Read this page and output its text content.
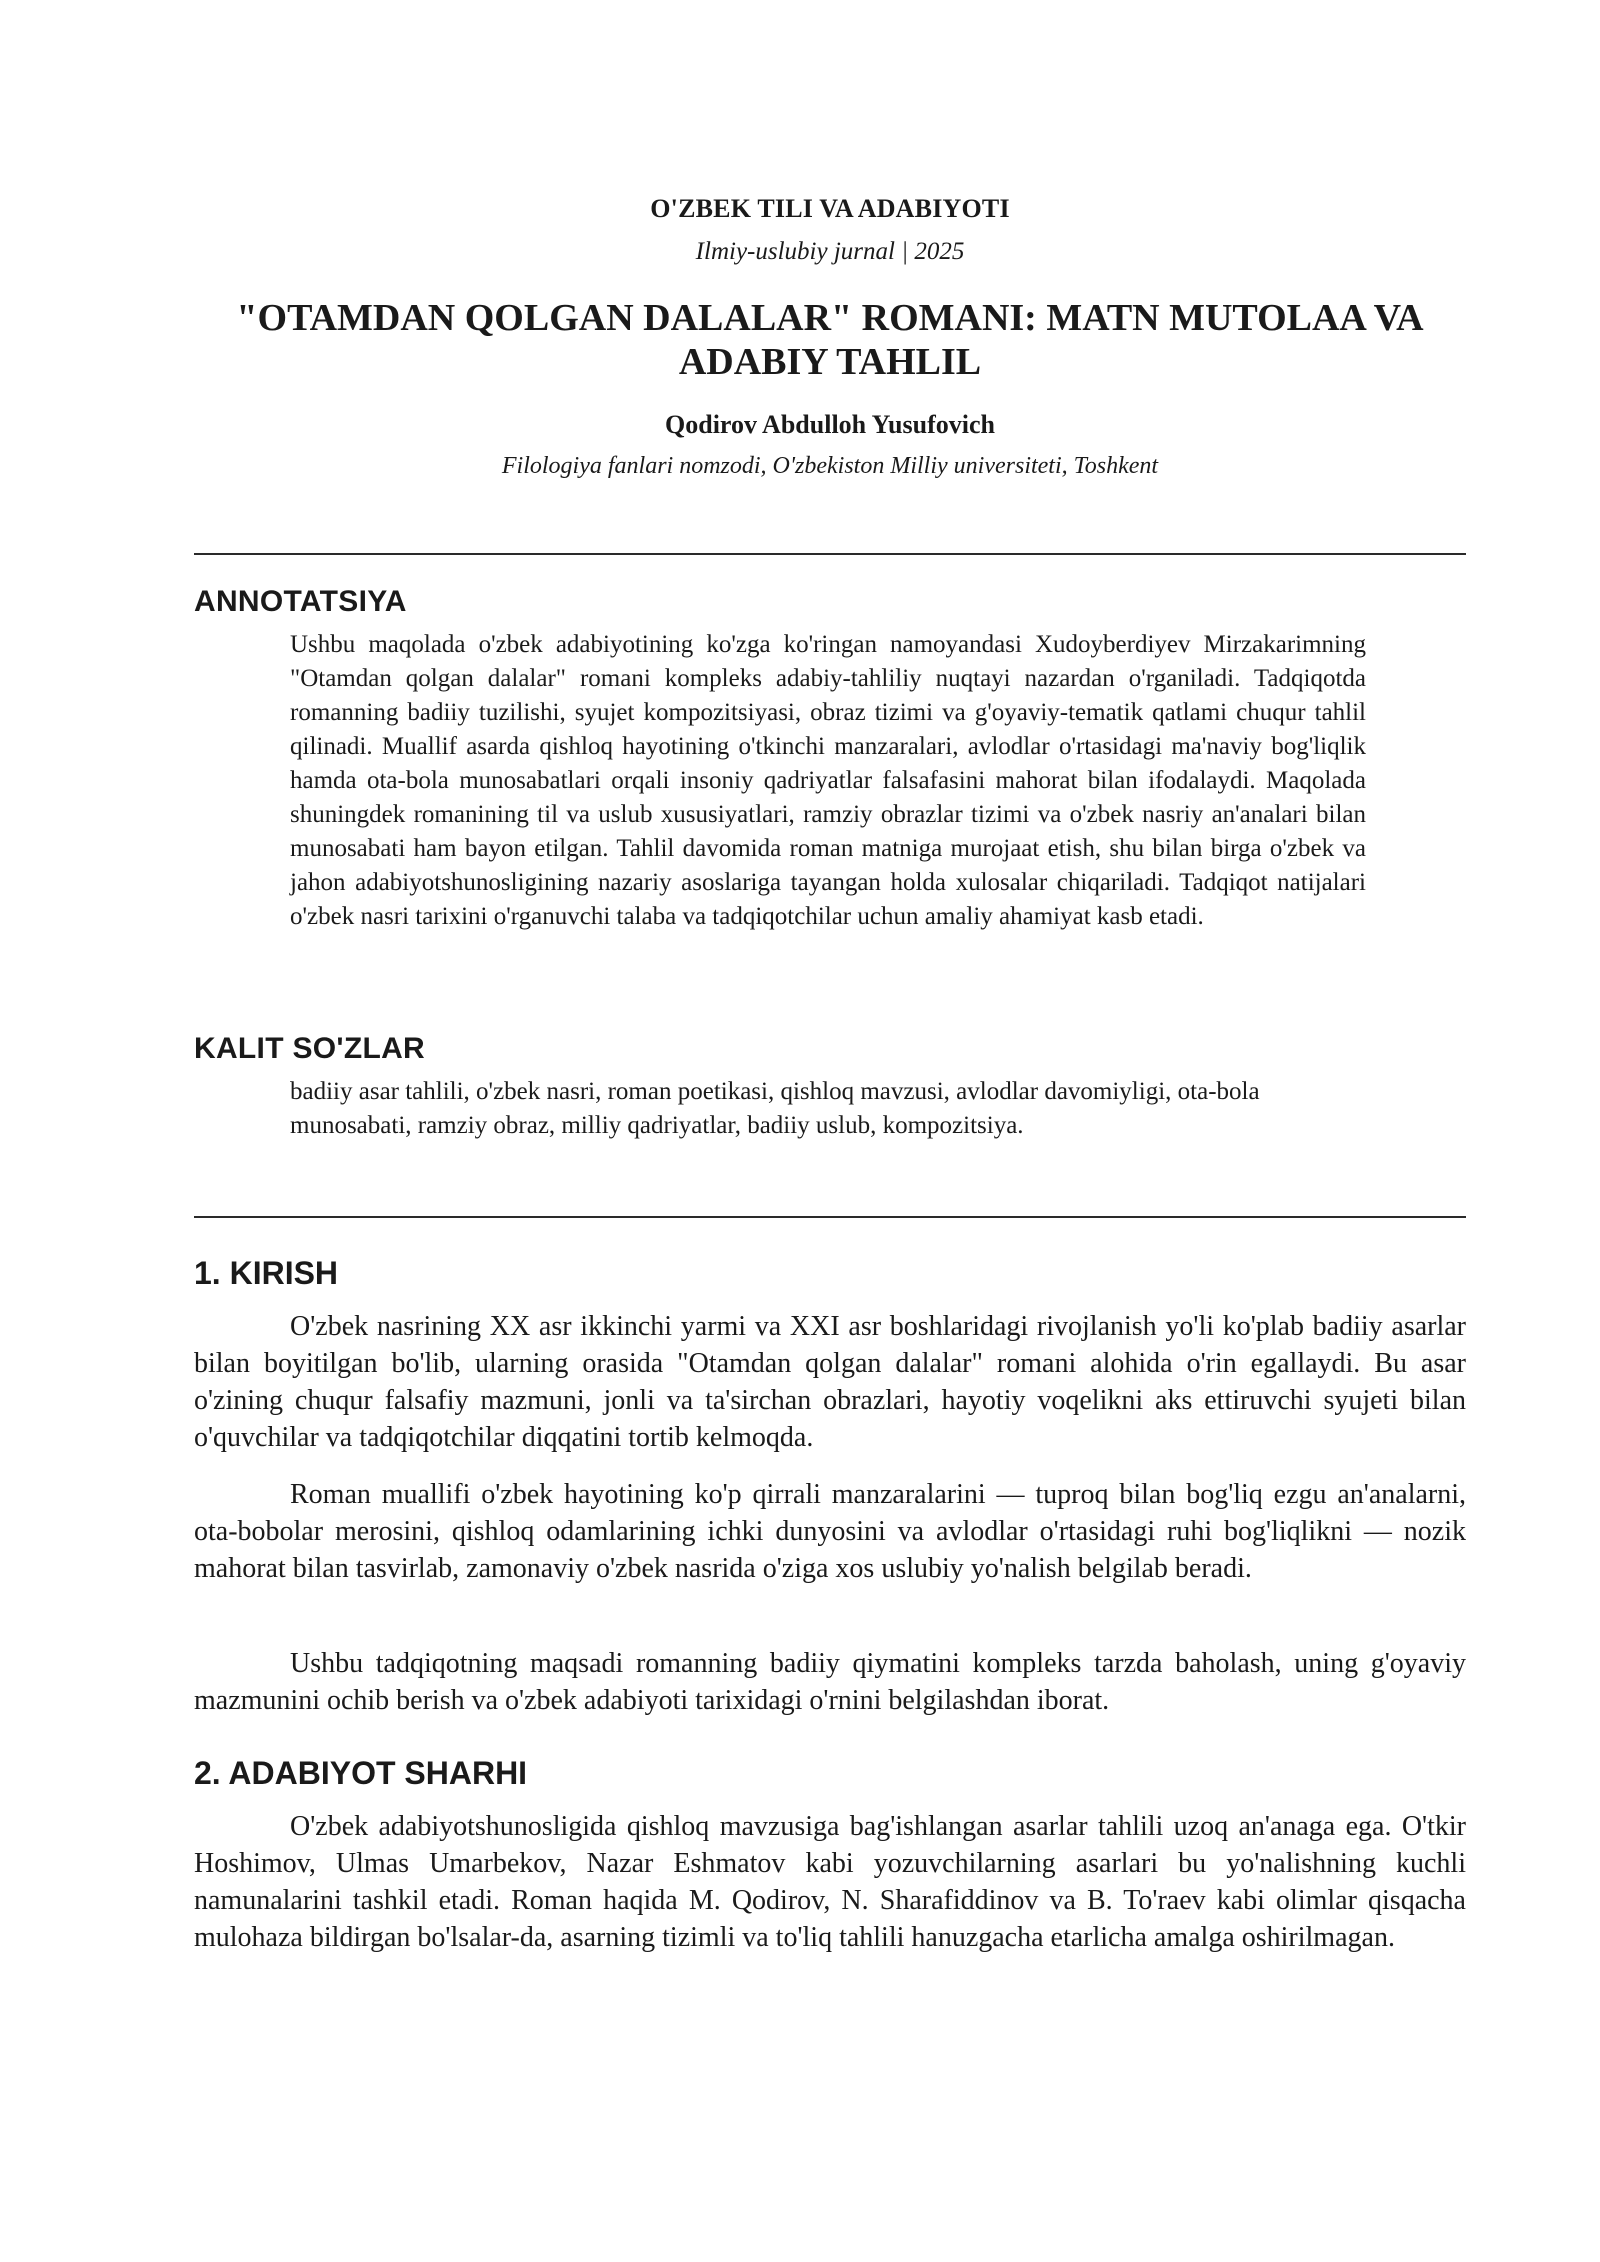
O'ZBEK TILI VA ADABIYOTI
Ilmiy-uslubiy jurnal | 2025
"OTAMDAN QOLGAN DALALAR" ROMANI: MATN MUTOLAA VA ADABIY TAHLIL
Qodirov Abdulloh Yusufovich
Filologiya fanlari nomzodi, O'zbekiston Milliy universiteti, Toshkent
ANNOTATSIYA

Ushbu maqolada o'zbek adabiyotining ko'zga ko'ringan namoyandasi Xudoyberdiyev Mirzakarimning "Otamdan qolgan dalalar" romani kompleks adabiy-tahliliy nuqtayi nazardan o'rganiladi. Tadqiqotda romanning badiiy tuzilishi, syujet kompozitsiyasi, obraz tizimi va g'oyaviy-tematik qatlami chuqur tahlil qilinadi. Muallif asarda qishloq hayotining o'tkinchi manzaralari, avlodlar o'rtasidagi ma'naviy bog'liqlik hamda ota-bola munosabatlari orqali insoniy qadriyatlar falsafasini mahorat bilan ifodalaydi. Maqolada shuningdek romanining til va uslub xususiyatlari, ramziy obrazlar tizimi va o'zbek nasriy an'analari bilan munosabati ham bayon etilgan. Tahlil davomida roman matniga murojaat etish, shu bilan birga o'zbek va jahon adabiyotshunosligining nazariy asoslariga tayangan holda xulosalar chiqariladi. Tadqiqot natijalari o'zbek nasri tarixini o'rganuvchi talaba va tadqiqotchilar uchun amaliy ahamiyat kasb etadi.

KALIT SO'ZLAR

badiiy asar tahlili, o'zbek nasri, roman poetikasi, qishloq mavzusi, avlodlar davomiyligi, ota-bola munosabati, ramziy obraz, milliy qadriyatlar, badiiy uslub, kompozitsiya.

1. KIRISH

O'zbek nasrining XX asr ikkinchi yarmi va XXI asr boshlaridagi rivojlanish yo'li ko'plab badiiy asarlar bilan boyitilgan bo'lib, ularning orasida "Otamdan qolgan dalalar" romani alohida o'rin egallaydi. Bu asar o'zining chuqur falsafiy mazmuni, jonli va ta'sirchan obrazlari, hayotiy voqelikni aks ettiruvchi syujeti bilan o'quvchilar va tadqiqotchilar diqqatini tortib kelmoqda.

Roman muallifi o'zbek hayotining ko'p qirrali manzaralarini — tuproq bilan bog'liq ezgu an'analarni, ota-bobolar merosini, qishloq odamlarining ichki dunyosini va avlodlar o'rtasidagi ruhi bog'liqlikni — nozik mahorat bilan tasvirlab, zamonaviy o'zbek nasrida o'ziga xos uslubiy yo'nalish belgilab beradi.

Ushbu tadqiqotning maqsadi romanning badiiy qiymatini kompleks tarzda baholash, uning g'oyaviy mazmunini ochib berish va o'zbek adabiyoti tarixidagi o'rnini belgilashdan iborat.

2. ADABIYOT SHARHI

O'zbek adabiyotshunosligida qishloq mavzusiga bag'ishlangan asarlar tahlili uzoq an'anaga ega. O'tkir Hoshimov, Ulmas Umarbekov, Nazar Eshmatov kabi yozuvchilarning asarlari bu yo'nalishning kuchli namunalarini tashkil etadi. Roman haqida M. Qodirov, N. Sharafiddinov va B. To'raev kabi olimlar qisqacha mulohaza bildirgan bo'lsalar-da, asarning tizimli va to'liq tahlili hanuzgacha etarlicha amalga oshirilmagan.
